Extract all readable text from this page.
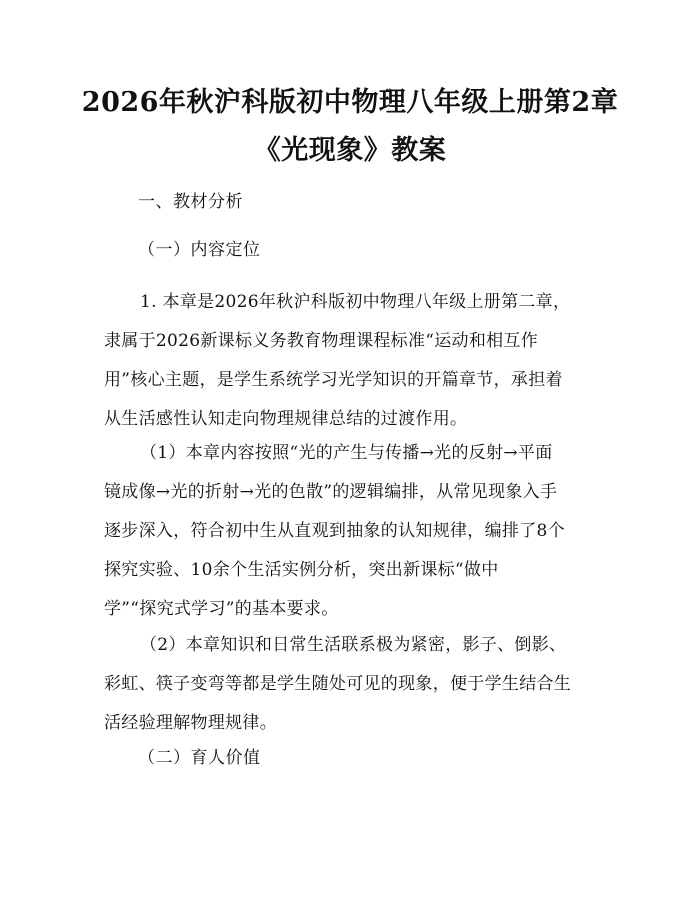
2026年秋沪科版初中物理八年级上册第2章
《光现象》教案
一、教材分析
（一）内容定位
1. 本章是2026年秋沪科版初中物理八年级上册第二章，
隶属于2026新课标义务教育物理课程标准“运动和相互作
用”核心主题，是学生系统学习光学知识的开篇章节，承担着
从生活感性认知走向物理规律总结的过渡作用。
（1）本章内容按照“光的产生与传播→光的反射→平面
镜成像→光的折射→光的色散”的逻辑编排，从常见现象入手
逐步深入，符合初中生从直观到抽象的认知规律，编排了8个
探究实验、10余个生活实例分析，突出新课标“做中
学”“探究式学习”的基本要求。
（2）本章知识和日常生活联系极为紧密，影子、倒影、
彩虹、筷子变弯等都是学生随处可见的现象，便于学生结合生
活经验理解物理规律。
（二）育人价值
